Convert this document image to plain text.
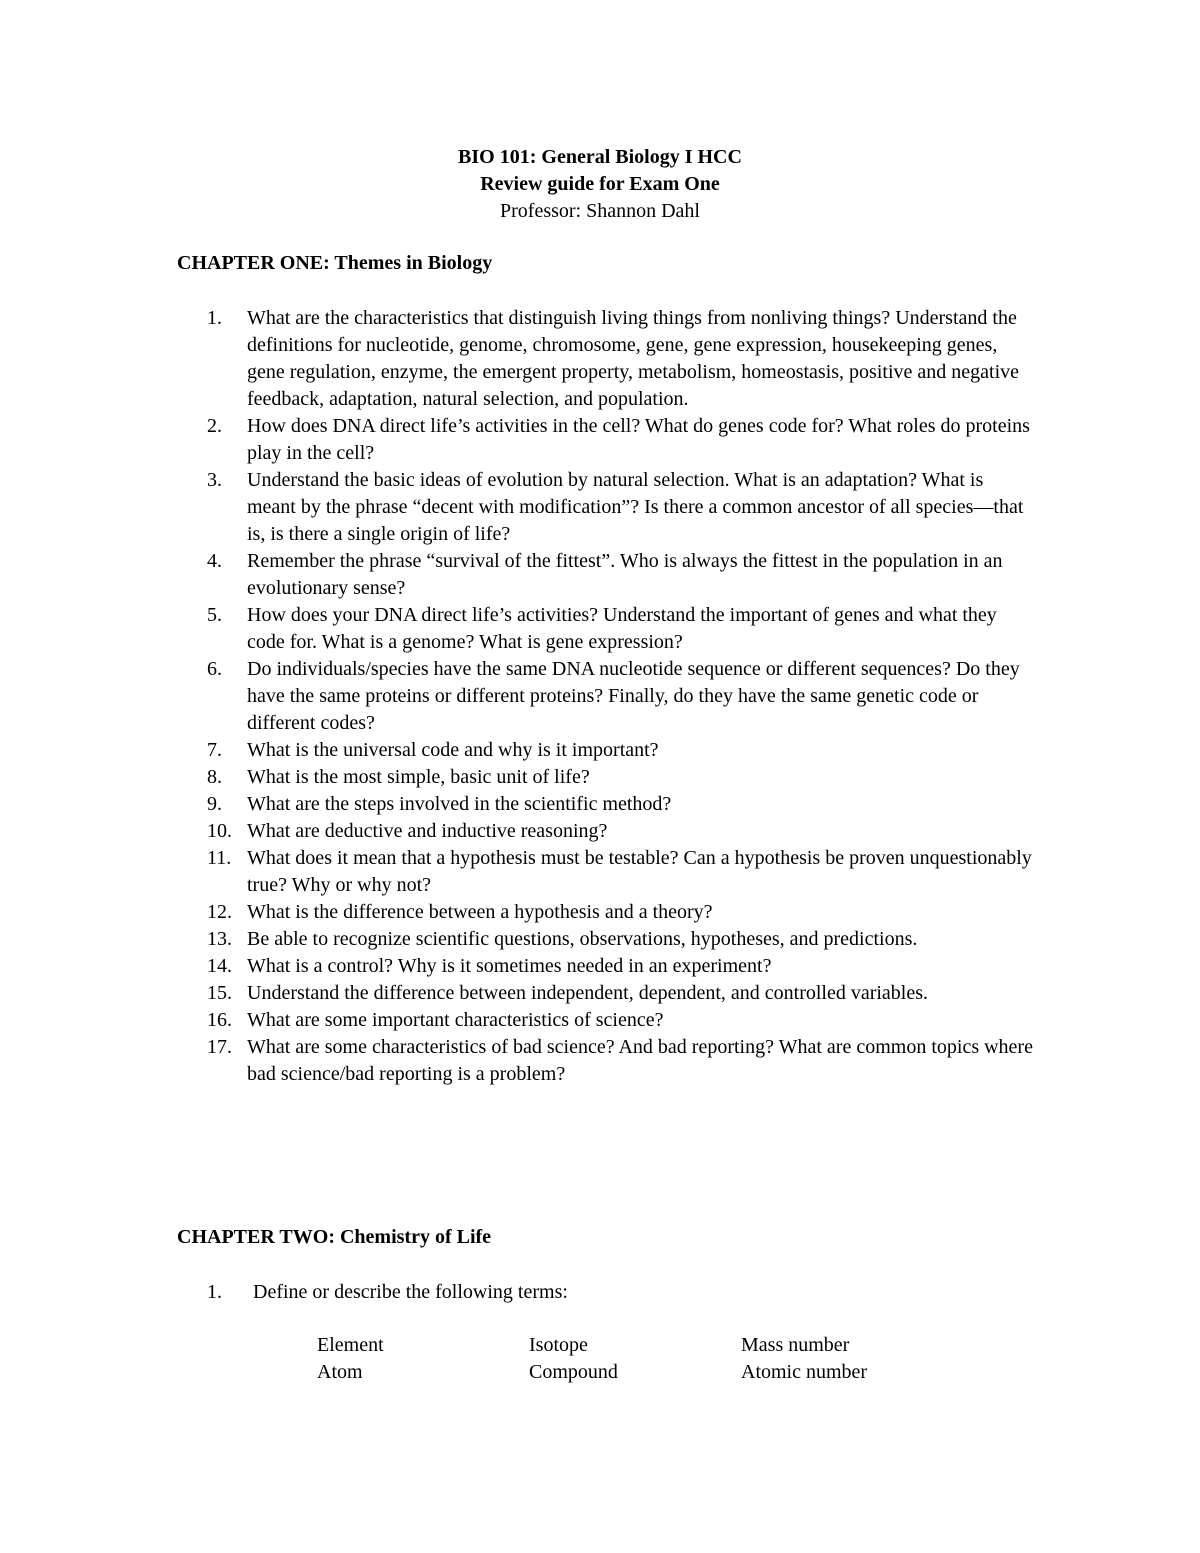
BIO 101: General Biology I HCC
Review guide for Exam One
Professor: Shannon Dahl
CHAPTER ONE: Themes in Biology
1. What are the characteristics that distinguish living things from nonliving things? Understand the definitions for nucleotide, genome, chromosome, gene, gene expression, housekeeping genes, gene regulation, enzyme, the emergent property, metabolism, homeostasis, positive and negative feedback, adaptation, natural selection, and population.
2. How does DNA direct life’s activities in the cell? What do genes code for? What roles do proteins play in the cell?
3. Understand the basic ideas of evolution by natural selection. What is an adaptation? What is meant by the phrase “decent with modification”? Is there a common ancestor of all species—that is, is there a single origin of life?
4. Remember the phrase “survival of the fittest”. Who is always the fittest in the population in an evolutionary sense?
5. How does your DNA direct life’s activities? Understand the important of genes and what they code for. What is a genome? What is gene expression?
6. Do individuals/species have the same DNA nucleotide sequence or different sequences? Do they have the same proteins or different proteins? Finally, do they have the same genetic code or different codes?
7. What is the universal code and why is it important?
8. What is the most simple, basic unit of life?
9. What are the steps involved in the scientific method?
10. What are deductive and inductive reasoning?
11. What does it mean that a hypothesis must be testable? Can a hypothesis be proven unquestionably true? Why or why not?
12. What is the difference between a hypothesis and a theory?
13. Be able to recognize scientific questions, observations, hypotheses, and predictions.
14. What is a control? Why is it sometimes needed in an experiment?
15. Understand the difference between independent, dependent, and controlled variables.
16. What are some important characteristics of science?
17. What are some characteristics of bad science? And bad reporting? What are common topics where bad science/bad reporting is a problem?
CHAPTER TWO: Chemistry of Life
1. Define or describe the following terms:
Element	Isotope	Mass number
Atom	Compound	Atomic number
